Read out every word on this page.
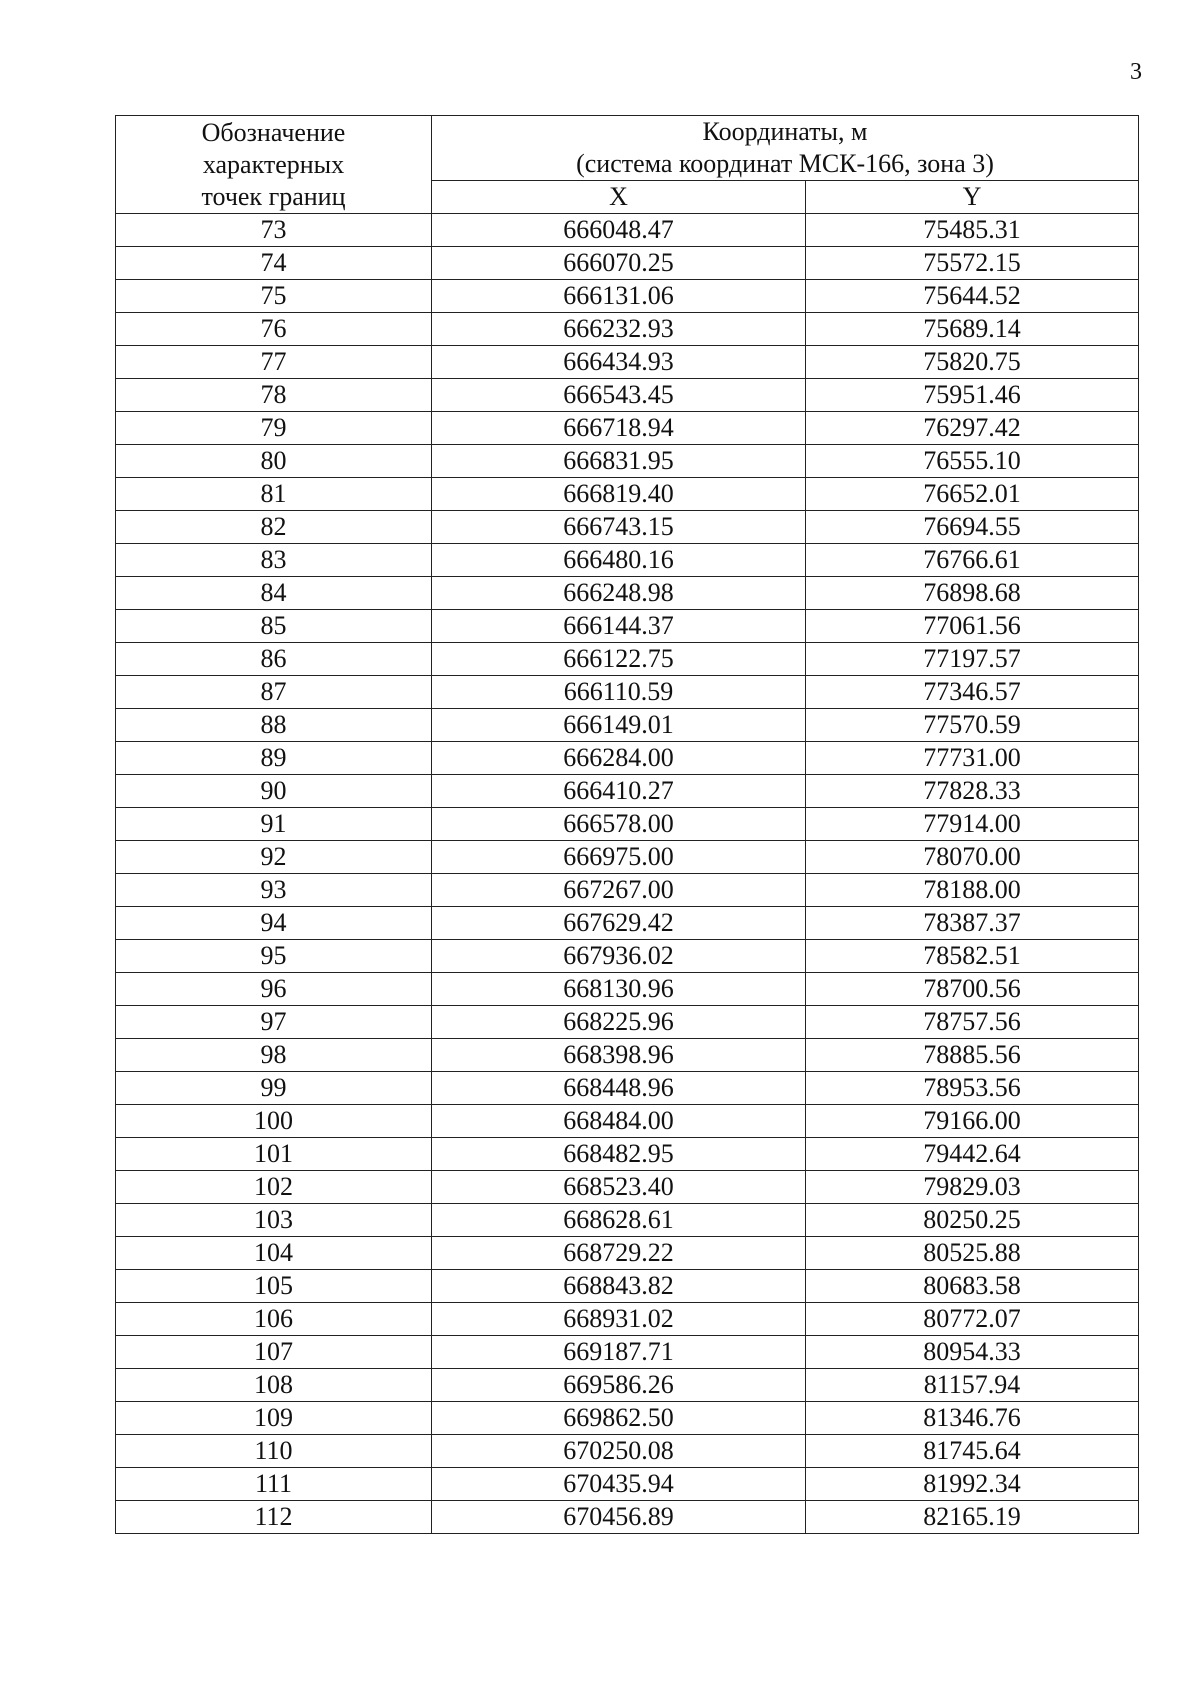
3
Обозначение
характерных
точек границ	Координаты, м
(система координат МСК-166, зона 3)	

	X	Y
73	666048.47	75485.31
74	666070.25	75572.15
75	666131.06	75644.52
76	666232.93	75689.14
77	666434.93	75820.75
78	666543.45	75951.46
79	666718.94	76297.42
80	666831.95	76555.10
81	666819.40	76652.01
82	666743.15	76694.55
83	666480.16	76766.61
84	666248.98	76898.68
85	666144.37	77061.56
86	666122.75	77197.57
87	666110.59	77346.57
88	666149.01	77570.59
89	666284.00	77731.00
90	666410.27	77828.33
91	666578.00	77914.00
92	666975.00	78070.00
93	667267.00	78188.00
94	667629.42	78387.37
95	667936.02	78582.51
96	668130.96	78700.56
97	668225.96	78757.56
98	668398.96	78885.56
99	668448.96	78953.56
100	668484.00	79166.00
101	668482.95	79442.64
102	668523.40	79829.03
103	668628.61	80250.25
104	668729.22	80525.88
105	668843.82	80683.58
106	668931.02	80772.07
107	669187.71	80954.33
108	669586.26	81157.94
109	669862.50	81346.76
110	670250.08	81745.64
111	670435.94	81992.34
112	670456.89	82165.19
